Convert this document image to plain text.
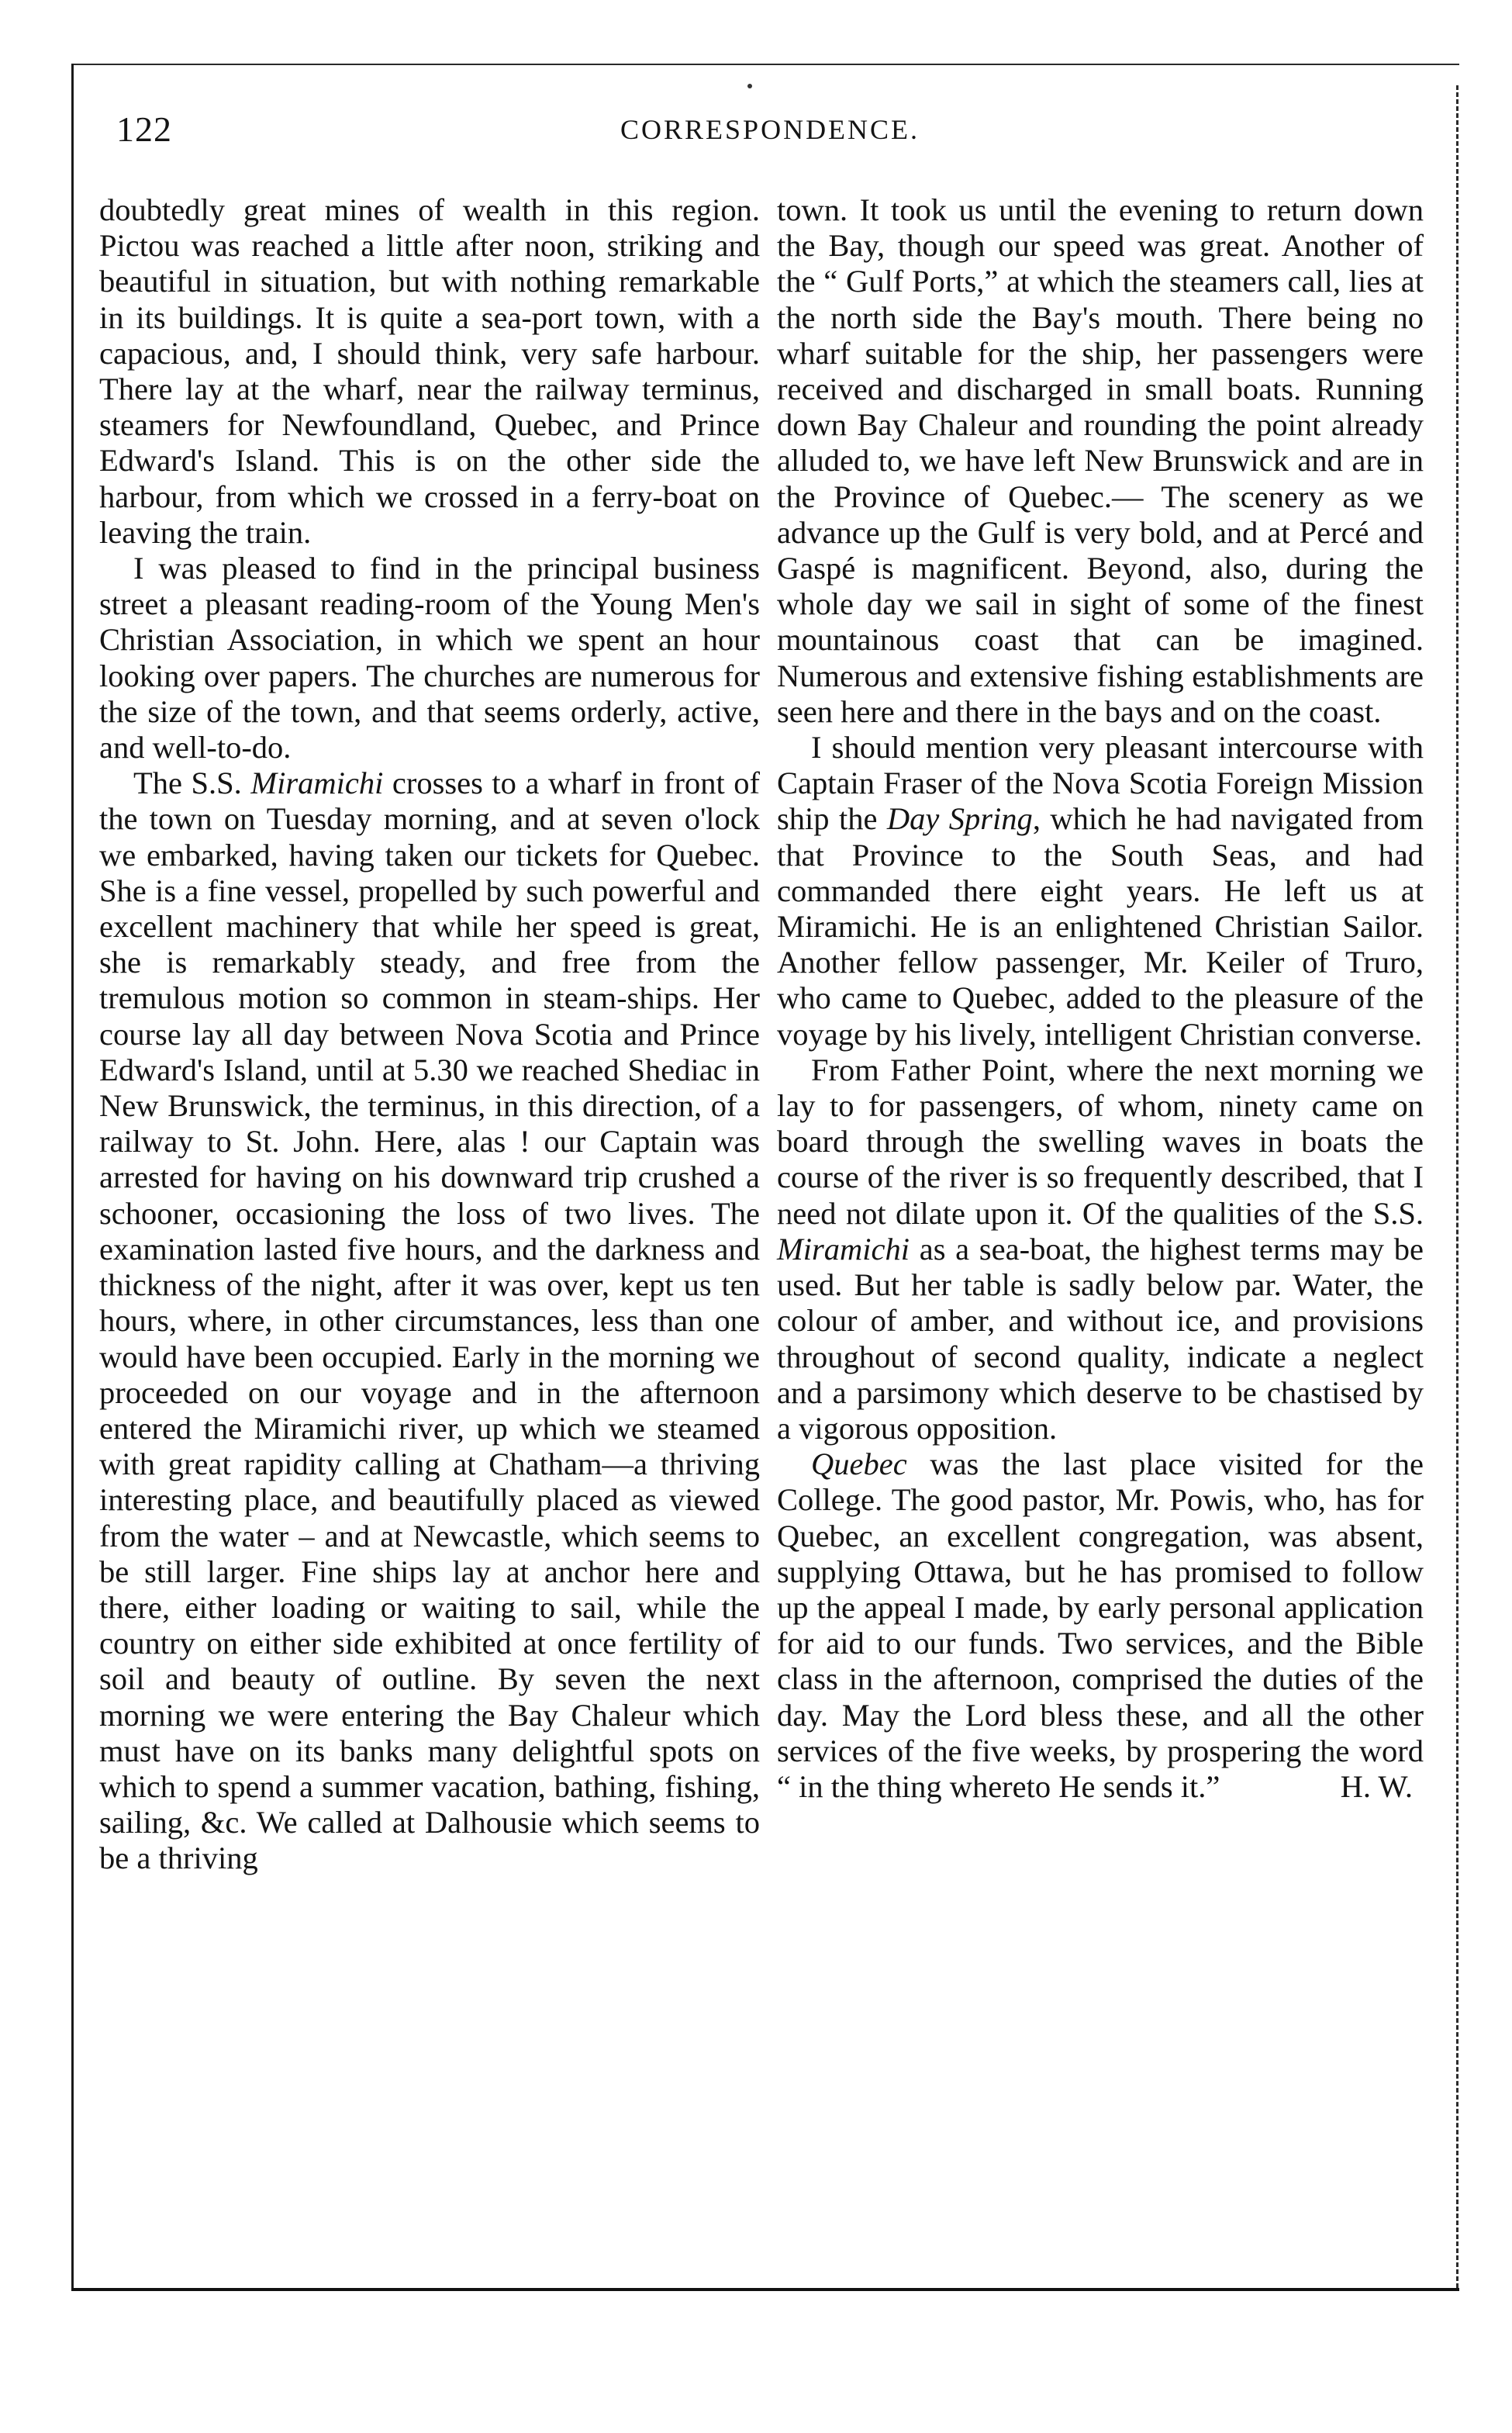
122	CORRESPONDENCE.

doubtedly great mines of wealth in this region. Pictou was reached a little after noon, striking and beautiful in situation, but with nothing remarkable in its buildings. It is quite a sea-port town, with a capacious, and, I should think, very safe harbour. There lay at the wharf, near the railway terminus, steamers for Newfoundland, Quebec, and Prince Edward's Island. This is on the other side the harbour, from which we crossed in a ferry-boat on leaving the train.

I was pleased to find in the principal business street a pleasant reading-room of the Young Men's Christian Association, in which we spent an hour looking over papers. The churches are numerous for the size of the town, and that seems orderly, active, and well-to-do.

The S.S. Miramichi crosses to a wharf in front of the town on Tuesday morning, and at seven o'lock we embarked, having taken our tickets for Quebec. She is a fine vessel, propelled by such powerful and excellent machinery that while her speed is great, she is remarkably steady, and free from the tremulous motion so common in steam-ships. Her course lay all day between Nova Scotia and Prince Edward's Island, until at 5.30 we reached Shediac in New Brunswick, the terminus, in this direction, of a railway to St. John. Here, alas ! our Captain was arrested for having on his downward trip crushed a schooner, occasioning the loss of two lives. The examination lasted five hours, and the darkness and thickness of the night, after it was over, kept us ten hours, where, in other circumstances, less than one would have been occupied. Early in the morning we proceeded on our voyage and in the afternoon entered the Miramichi river, up which we steamed with great rapidity calling at Chatham—a thriving interesting place, and beautifully placed as viewed from the water – and at Newcastle, which seems to be still larger. Fine ships lay at anchor here and there, either loading or waiting to sail, while the country on either side exhibited at once fertility of soil and beauty of outline. By seven the next morning we were entering the Bay Chaleur which must have on its banks many delightful spots on which to spend a summer vacation, bathing, fishing, sailing, &c. We called at Dalhousie which seems to be a thriving

town. It took us until the evening to return down the Bay, though our speed was great. Another of the “ Gulf Ports,” at which the steamers call, lies at the north side the Bay's mouth. There being no wharf suitable for the ship, her passengers were received and discharged in small boats. Running down Bay Chaleur and rounding the point already alluded to, we have left New Brunswick and are in the Province of Quebec.— The scenery as we advance up the Gulf is very bold, and at Percé and Gaspé is magnificent. Beyond, also, during the whole day we sail in sight of some of the finest mountainous coast that can be imagined. Numerous and extensive fishing establishments are seen here and there in the bays and on the coast.

I should mention very pleasant intercourse with Captain Fraser of the Nova Scotia Foreign Mission ship the Day Spring, which he had navigated from that Province to the South Seas, and had commanded there eight years. He left us at Miramichi. He is an enlightened Christian Sailor. Another fellow passenger, Mr. Keiler of Truro, who came to Quebec, added to the pleasure of the voyage by his lively, intelligent Christian converse.

From Father Point, where the next morning we lay to for passengers, of whom, ninety came on board through the swelling waves in boats the course of the river is so frequently described, that I need not dilate upon it. Of the qualities of the S.S. Miramichi as a sea-boat, the highest terms may be used. But her table is sadly below par. Water, the colour of amber, and without ice, and provisions throughout of second quality, indicate a neglect and a parsimony which deserve to be chastised by a vigorous opposition.

Quebec was the last place visited for the College. The good pastor, Mr. Powis, who, has for Quebec, an excellent congregation, was absent, supplying Ottawa, but he has promised to follow up the appeal I made, by early personal application for aid to our funds. Two services, and the Bible class in the afternoon, comprised the duties of the day. May the Lord bless these, and all the other services of the five weeks, by prospering the word “ in the thing whereto He sends it.”	H. W.
